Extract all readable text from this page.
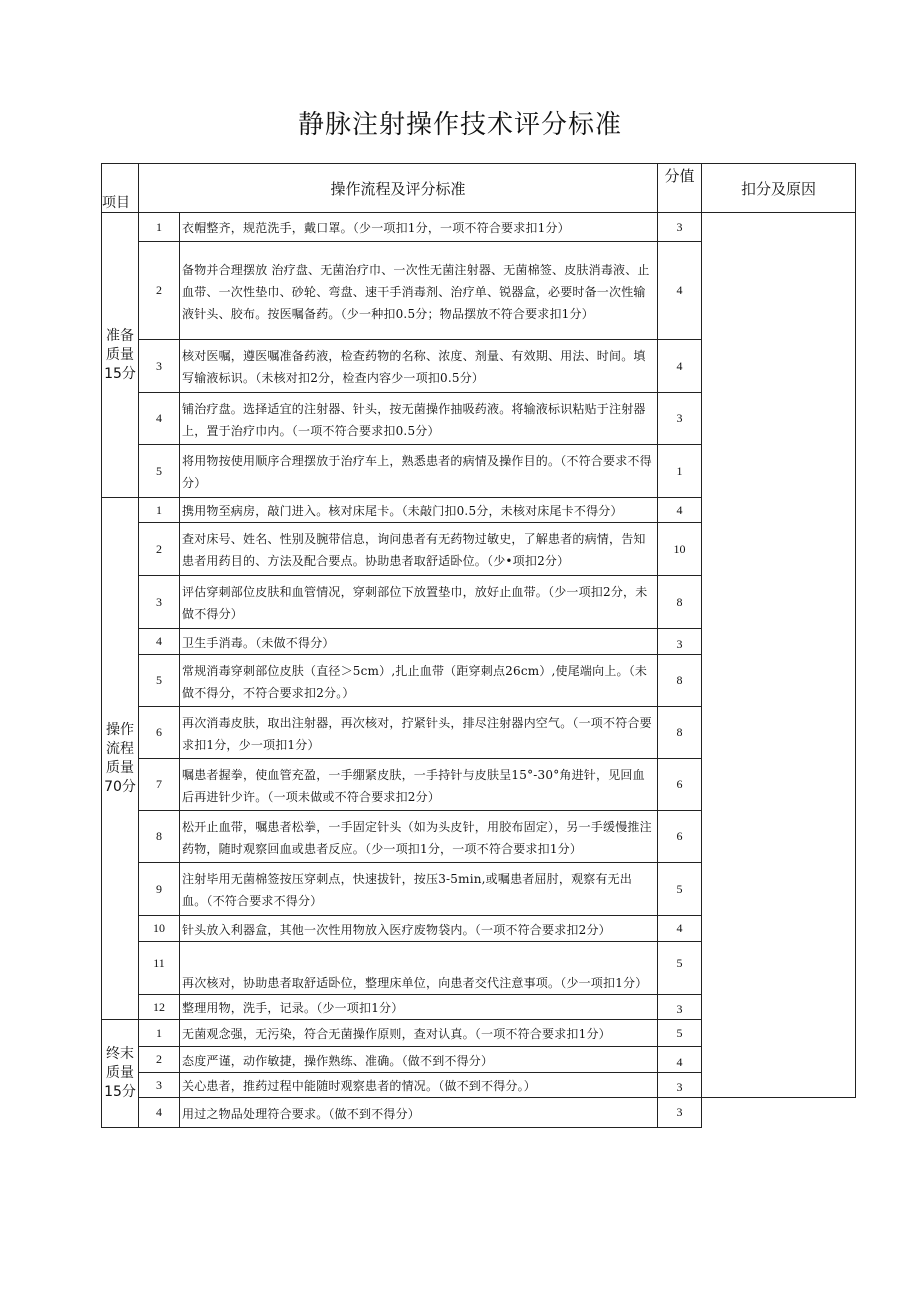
静脉注射操作技术评分标准
项目	操作流程及评分标准		分值	扣分及原因

准备质量15分	1	衣帽整齐，规范洗手，戴口罩。（少一项扣1分，一项不符合要求扣1分）	3	
	2	备物并合理摆放 治疗盘、无菌治疗巾、一次性无菌注射器、无菌棉签、皮肤消毒液、止血带、一次性垫巾、砂轮、弯盘、速干手消毒剂、治疗单、锐器盒，必要时备一次性输液针头、胶布。按医嘱备药。（少一种扣0.5分；物品摆放不符合要求扣1分）	4	
	3	核对医嘱，遵医嘱准备药液，检查药物的名称、浓度、剂量、有效期、用法、时间。填写输液标识。（未核对扣2分，检查内容少一项扣0.5分）	4	
	4	铺治疗盘。选择适宜的注射器、针头，按无菌操作抽吸药液。将输液标识粘贴于注射器上，置于治疗巾内。（一项不符合要求扣0.5分）	3	
	5	将用物按使用顺序合理摆放于治疗车上，熟悉患者的病情及操作目的。（不符合要求不得分）	1	

操作流程质量70分	1	携用物至病房，敲门进入。核对床尾卡。（未敲门扣0.5分，未核对床尾卡不得分）	4	
	2	查对床号、姓名、性别及腕带信息，询问患者有无药物过敏史，了解患者的病情，告知患者用药目的、方法及配合要点。协助患者取舒适卧位。（少•项扣2分）	10	
	3	评估穿刺部位皮肤和血管情况，穿刺部位下放置垫巾，放好止血带。（少一项扣2分，未做不得分）	8	
	4	卫生手消毒。（未做不得分）	3	
	5	常规消毒穿刺部位皮肤（直径＞5cm）,扎止血带（距穿刺点26cm）,使尾端向上。（未做不得分，不符合要求扣2分。）	8	
	6	再次消毒皮肤，取出注射器，再次核对，拧紧针头，排尽注射器内空气。（一项不符合要求扣1分，少一项扣1分）	8	
	7	嘱患者握拳，使血管充盈，一手绷紧皮肤，一手持针与皮肤呈15°-30°角进针，见回血后再进针少许。（一项未做或不符合要求扣2分）	6	
	8	松开止血带，嘱患者松拳，一手固定针头（如为头皮针，用胶布固定），另一手缓慢推注药物，随时观察回血或患者反应。（少一项扣1分，一项不符合要求扣1分）	6	
	9	注射毕用无菌棉签按压穿刺点，快速拔针，按压3-5min,或嘱患者屈肘，观察有无出血。（不符合要求不得分）	5	
	10	针头放入利器盒，其他一次性用物放入医疗废物袋内。（一项不符合要求扣2分）	4	
	11	再次核对，协助患者取舒适卧位，整理床单位，向患者交代注意事项。（少一项扣1分）	5	
	12	整理用物，洗手，记录。（少一项扣1分）	3	

终末质量15分	1	无菌观念强，无污染，符合无菌操作原则，查对认真。（一项不符合要求扣1分）	5	
	2	态度严谨，动作敏捷，操作熟练、准确。（做不到不得分）	4	
	3	关心患者，推药过程中能随时观察患者的情况。（做不到不得分。）	3	
	4	用过之物品处理符合要求。（做不到不得分）	3	
